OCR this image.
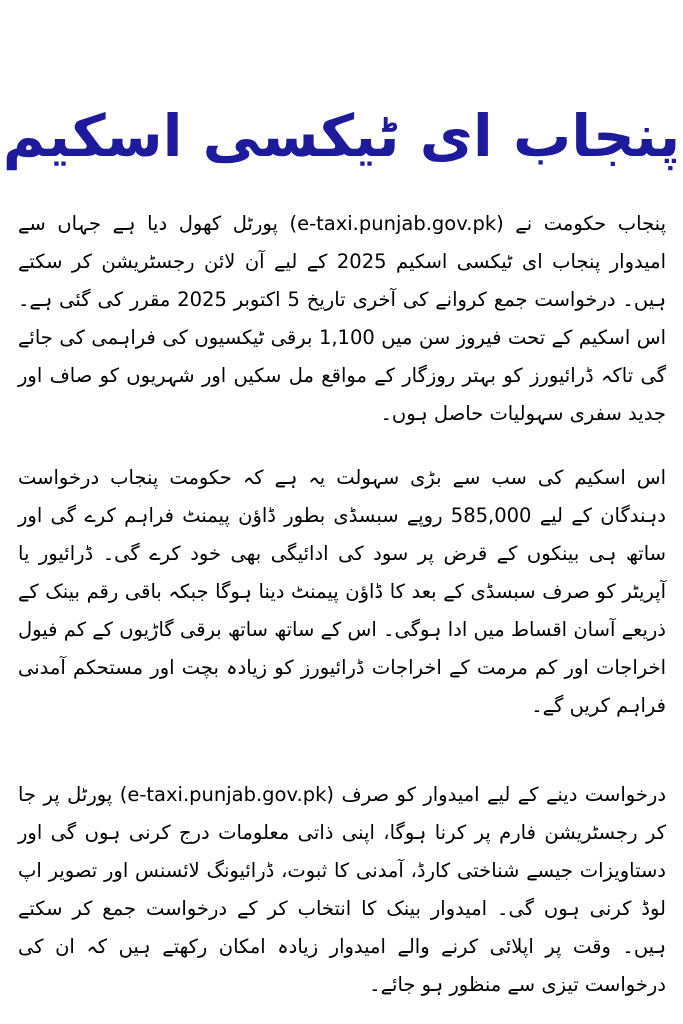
پنجاب ای ٹیکسی اسکیم

پنجاب حکومت نے (e-taxi.punjab.gov.pk) پورٹل کھول دیا ہے جہاں سے امیدوار پنجاب ای ٹیکسی اسکیم 2025 کے لیے آن لائن رجسٹریشن کر سکتے ہیں۔ درخواست جمع کروانے کی آخری تاریخ 5 اکتوبر 2025 مقرر کی گئی ہے۔ اس اسکیم کے تحت فیروز سن میں 1,100 برقی ٹیکسیوں کی فراہمی کی جائے گی تاکہ ڈرائیورز کو بہتر روزگار کے مواقع مل سکیں اور شہریوں کو صاف اور جدید سفری سہولیات حاصل ہوں۔

اس اسکیم کی سب سے بڑی سہولت یہ ہے کہ حکومت پنجاب درخواست دہندگان کے لیے 585,000 روپے سبسڈی بطور ڈاؤن پیمنٹ فراہم کرے گی اور ساتھ ہی بینکوں کے قرض پر سود کی ادائیگی بھی خود کرے گی۔ ڈرائیور یا آپریٹر کو صرف سبسڈی کے بعد کا ڈاؤن پیمنٹ دینا ہوگا جبکہ باقی رقم بینک کے ذریعے آسان اقساط میں ادا ہوگی۔ اس کے ساتھ ساتھ برقی گاڑیوں کے کم فیول اخراجات اور کم مرمت کے اخراجات ڈرائیورز کو زیادہ بچت اور مستحکم آمدنی فراہم کریں گے۔

درخواست دینے کے لیے امیدوار کو صرف (e-taxi.punjab.gov.pk) پورٹل پر جا کر رجسٹریشن فارم پر کرنا ہوگا، اپنی ذاتی معلومات درج کرنی ہوں گی اور دستاویزات جیسے شناختی کارڈ، آمدنی کا ثبوت، ڈرائیونگ لائسنس اور تصویر اپ لوڈ کرنی ہوں گی۔ امیدوار بینک کا انتخاب کر کے درخواست جمع کر سکتے ہیں۔ وقت پر اپلائی کرنے والے امیدوار زیادہ امکان رکھتے ہیں کہ ان کی درخواست تیزی سے منظور ہو جائے۔
